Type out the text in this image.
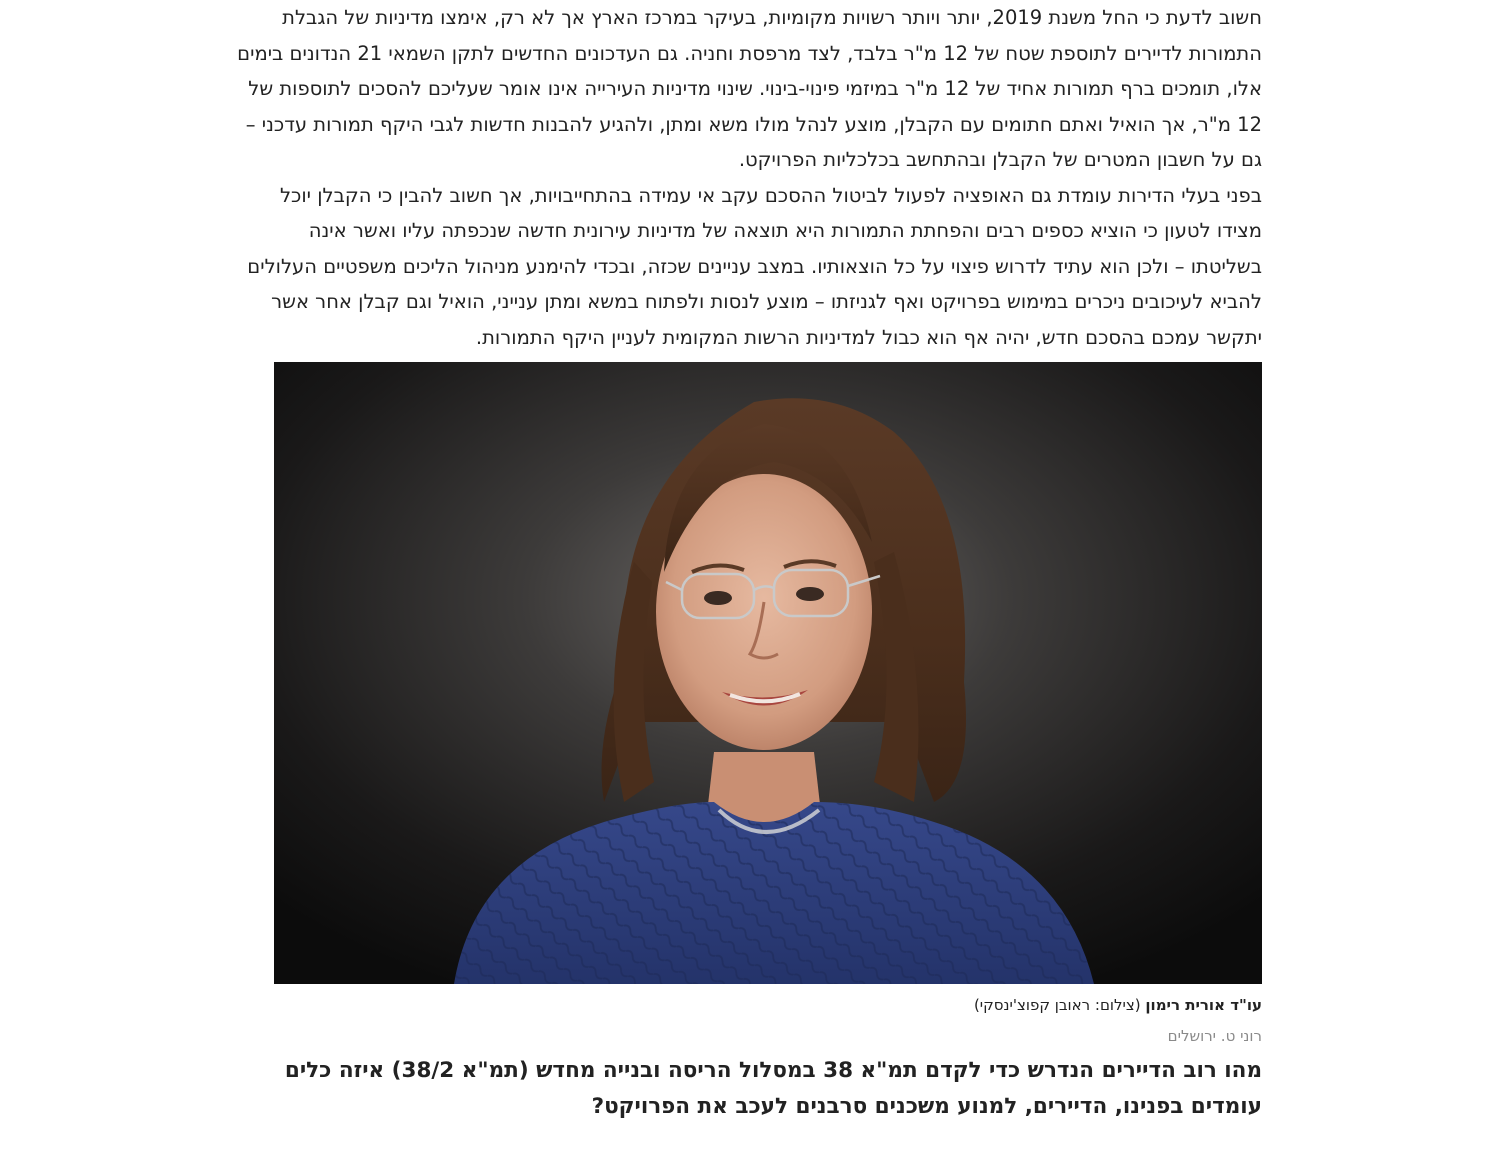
חשוב לדעת כי החל משנת 2019, יותר ויותר רשויות מקומיות, בעיקר במרכז הארץ אך לא רק, אימצו מדיניות של הגבלת התמורות לדיירים לתוספת שטח של 12 מ"ר בלבד, לצד מרפסת וחניה. גם העדכונים החדשים לתקן השמאי 21 הנדונים בימים אלו, תומכים ברף תמורות אחיד של 12 מ"ר במיזמי פינוי-בינוי. שינוי מדיניות העירייה אינו אומר שעליכם להסכים לתוספות של 12 מ"ר, אך הואיל ואתם חתומים עם הקבלן, מוצע לנהל מולו משא ומתן, ולהגיע להבנות חדשות לגבי היקף תמורות עדכני – גם על חשבון המטרים של הקבלן ובהתחשב בכלכליות הפרויקט.

בפני בעלי הדירות עומדת גם האופציה לפעול לביטול ההסכם עקב אי עמידה בהתחייבויות, אך חשוב להבין כי הקבלן יוכל מצידו לטעון כי הוציא כספים רבים והפחתת התמורות היא תוצאה של מדיניות עירונית חדשה שנכפתה עליו ואשר אינה בשליטתו – ולכן הוא עתיד לדרוש פיצוי על כל הוצאותיו. במצב עניינים שכזה, ובכדי להימנע מניהול הליכים משפטיים העלולים להביא לעיכובים ניכרים במימוש בפרויקט ואף לגניזתו – מוצע לנסות ולפתוח במשא ומתן ענייני, הואיל וגם קבלן אחר אשר יתקשר עמכם בהסכם חדש, יהיה אף הוא כבול למדיניות הרשות המקומית לעניין היקף התמורות.

עו"ד אורית רימון (צילום: ראובן קפוצ'ינסקי)
רוני ט. ירושלים

מהו רוב הדיירים הנדרש כדי לקדם תמ"א 38 במסלול הריסה ובנייה מחדש (תמ"א 38/2) איזה כלים עומדים בפנינו, הדיירים, למנוע משכנים סרבנים לעכב את הפרויקט?
